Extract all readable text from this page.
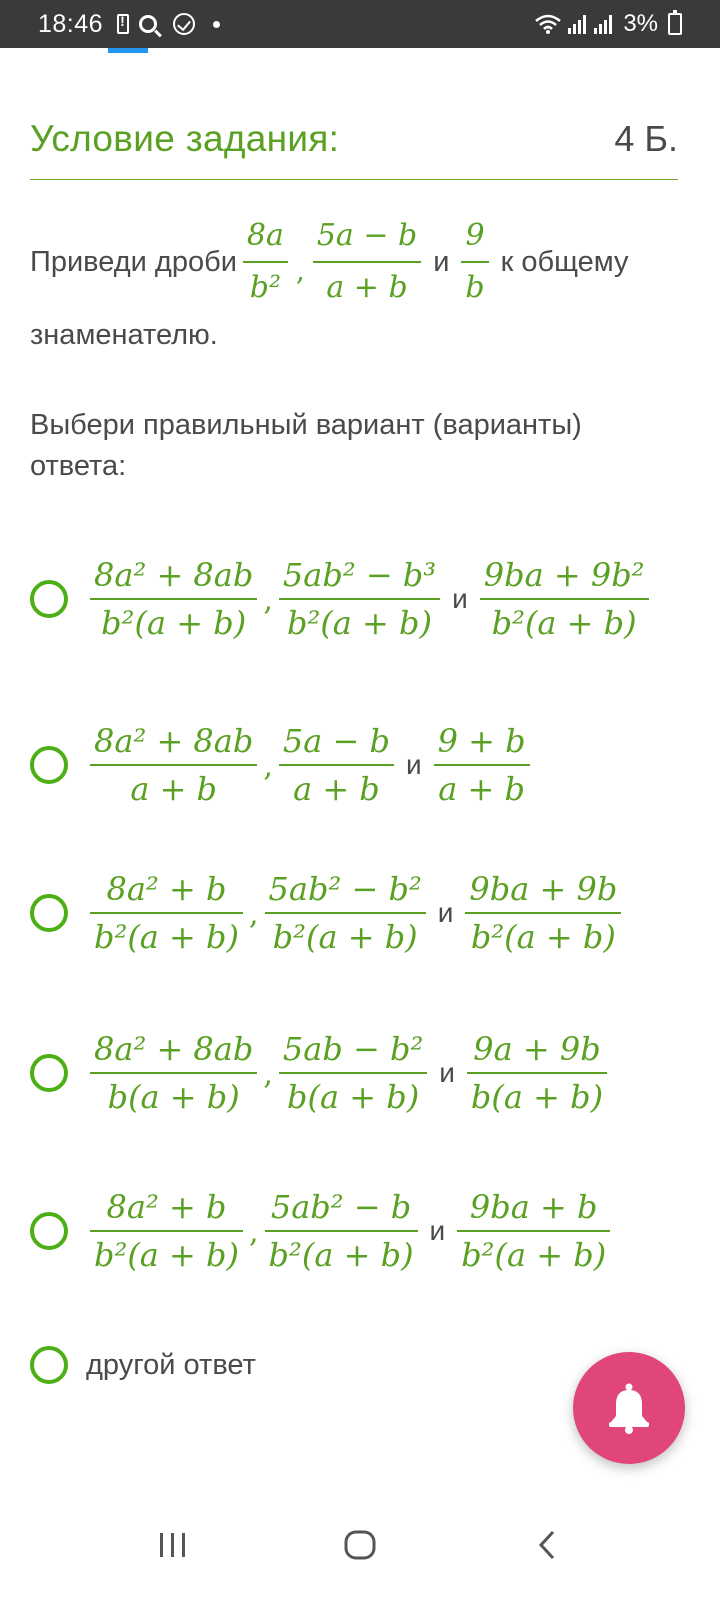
18:46
!	3%
Условие задания:	4 Б.
Приведи дроби $\frac{8a}{\text{b²}}$ , $\frac{5a - b}{a + b}$ и $\frac{9}{b}$ к общему
знаменателю.
Выбери правильный вариант (варианты) ответа:
$\frac{\text{8a² + 8ab}}{\text{b²(a + b)}}$ , $\frac{\text{5ab² − b³}}{\text{b²(a + b)}}$ и $\frac{\text{9ba + 9b²}}{\text{b²(a + b)}}$
$\frac{\text{8a² + 8ab}}{a + b}$ , $\frac{5a - b}{a + b}$ и $\frac{9 + b}{a + b}$
$\frac{\text{8a² + b}}{\text{b²(a + b)}}$ , $\frac{\text{5ab² − b²}}{\text{b²(a + b)}}$ и $\frac{9ba + 9b}{\text{b²(a + b)}}$
$\frac{\text{8a² + 8ab}}{b(a + b)}$ , $\frac{\text{5ab − b²}}{b(a + b)}$ и $\frac{9a + 9b}{b(a + b)}$
$\frac{\text{8a² + b}}{\text{b²(a + b)}}$ , $\frac{\text{5ab² − b}}{\text{b²(a + b)}}$ и $\frac{9ba + b}{\text{b²(a + b)}}$
другой ответ
